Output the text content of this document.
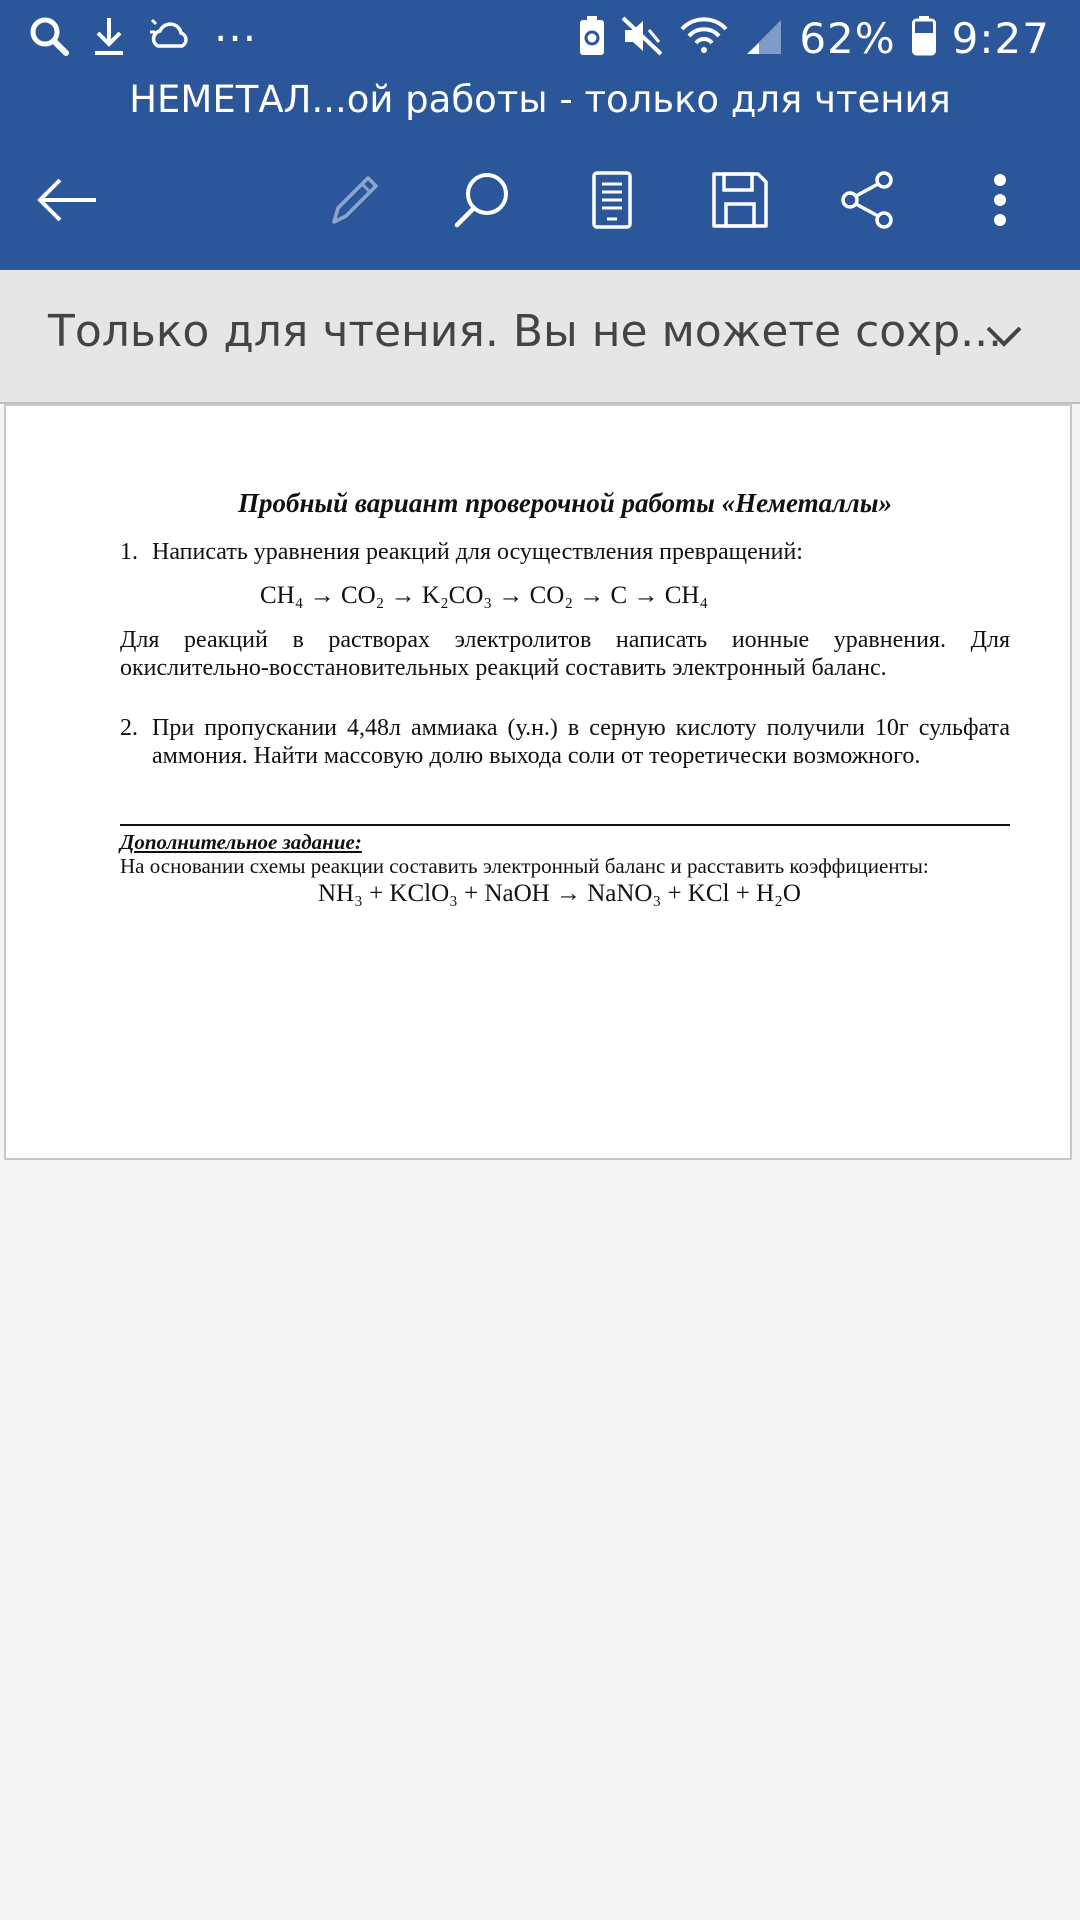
···	62% 9:27
НЕМЕТАЛ...ой работы - только для чтения
Только для чтения. Вы не можете сохр...
Пробный вариант проверочной работы «Неметаллы»
1. Написать уравнения реакций для осуществления превращений:
CH₄ → CO₂ → K₂CO₃ → CO₂ → C → CH₄
Для реакций в растворах электролитов написать ионные уравнения. Для окислительно-восстановительных реакций составить электронный баланс.
2. При пропускании 4,48л аммиака (у.н.) в серную кислоту получили 10г сульфата аммония. Найти массовую долю выхода соли от теоретически возможного.
Дополнительное задание:
На основании схемы реакции составить электронный баланс и расставить коэффициенты:
NH₃ + KClO₃ + NaOH → NaNO₃ + KCl + H₂O
